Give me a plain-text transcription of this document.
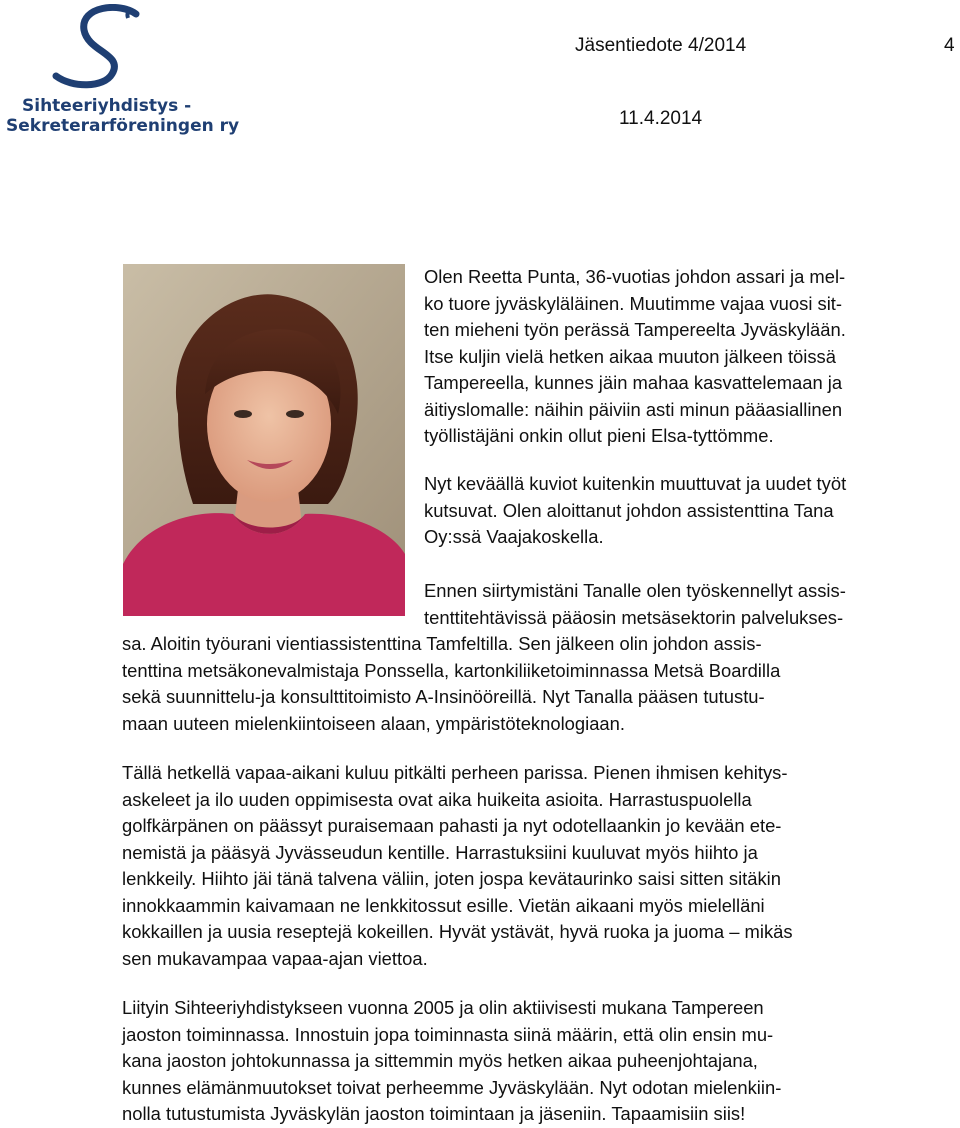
Sihteeriyhdistys -
Sekreterarföreningen ry
Jäsentiedote 4/2014	4
11.4.2014
Olen Reetta Punta, 36-vuotias johdon assari ja mel-
ko tuore jyväskyläläinen. Muutimme vajaa vuosi sit-
ten mieheni työn perässä Tampereelta Jyväskylään.
Itse kuljin vielä hetken aikaa muuton jälkeen töissä
Tampereella, kunnes jäin mahaa kasvattelemaan ja
äitiyslomalle: näihin päiviin asti minun pääasiallinen
työllistäjäni onkin ollut pieni Elsa-tyttömme.
Nyt keväällä kuviot kuitenkin muuttuvat ja uudet työt
kutsuvat. Olen aloittanut johdon assistenttina Tana
Oy:ssä Vaajakoskella.
Ennen siirtymistäni Tanalle olen työskennellyt assis-
tenttitehtävissä pääosin metsäsektorin palvelukses-
sa. Aloitin työurani vientiassistenttina Tamfeltilla. Sen jälkeen olin johdon assis-
tenttina metsäkonevalmistaja Ponssella, kartonkiliiketoiminnassa Metsä Boardilla
sekä suunnittelu-ja konsulttitoimisto A-Insinööreillä. Nyt Tanalla pääsen tutustu-
maan uuteen mielenkiintoiseen alaan, ympäristöteknologiaan.
Tällä hetkellä vapaa-aikani kuluu pitkälti perheen parissa. Pienen ihmisen kehitys-
askeleet ja ilo uuden oppimisesta ovat aika huikeita asioita. Harrastuspuolella
golfkärpänen on päässyt puraisemaan pahasti ja nyt odotellaankin jo kevään ete-
nemistä ja pääsyä Jyvässeudun kentille. Harrastuksiini kuuluvat myös hiihto ja
lenkkeily. Hiihto jäi tänä talvena väliin, joten jospa kevätaurinko saisi sitten sitäkin
innokkaammin kaivamaan ne lenkkitossut esille. Vietän aikaani myös mielelläni
kokkaillen ja uusia reseptejä kokeillen. Hyvät ystävät, hyvä ruoka ja juoma – mikäs
sen mukavampaa vapaa-ajan viettoa.
Liityin Sihteeriyhdistykseen vuonna 2005 ja olin aktiivisesti mukana Tampereen
jaoston toiminnassa. Innostuin jopa toiminnasta siinä määrin, että olin ensin mu-
kana jaoston johtokunnassa ja sittemmin myös hetken aikaa puheenjohtajana,
kunnes elämänmuutokset toivat perheemme Jyväskylään. Nyt odotan mielenkiin-
nolla tutustumista Jyväskylän jaoston toimintaan ja jäseniin. Tapaamisiin siis!
